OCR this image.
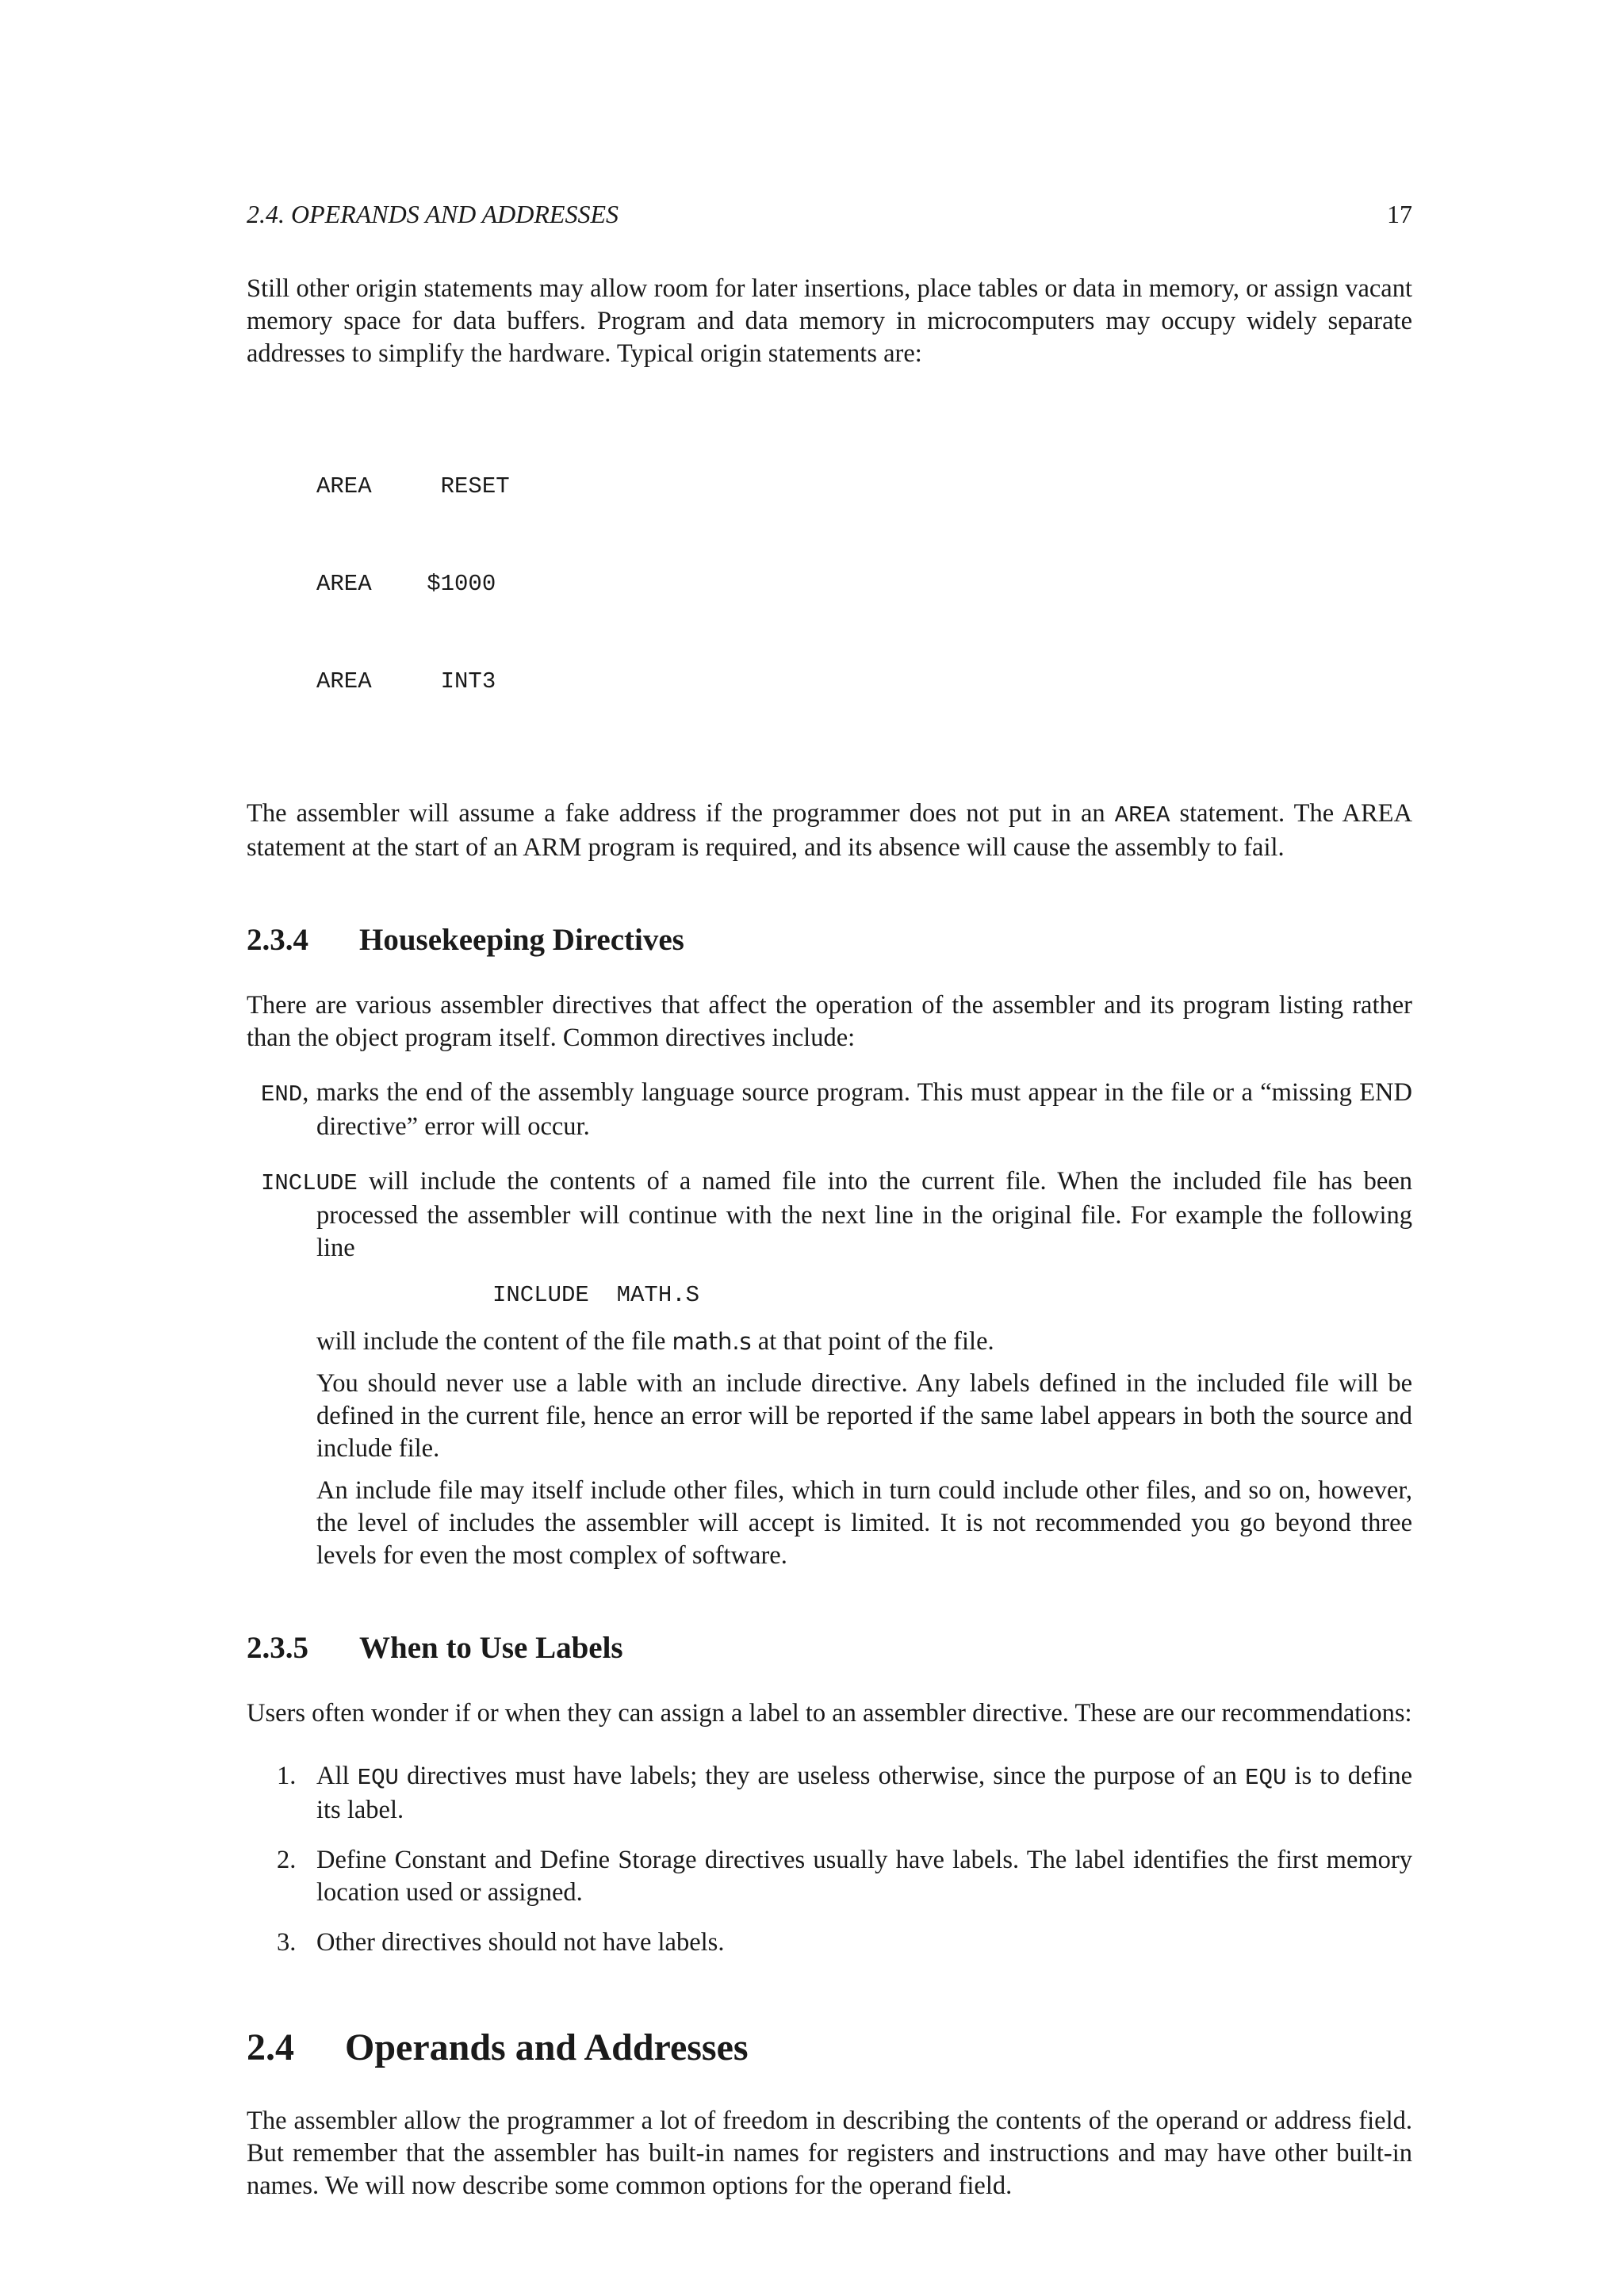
2.4. OPERANDS AND ADDRESSES	17

Still other origin statements may allow room for later insertions, place tables or data in memory, or assign vacant memory space for data buffers. Program and data memory in microcomputers may occupy widely separate addresses to simplify the hardware. Typical origin statements are:

AREA     RESET

AREA    $1000

AREA     INT3

The assembler will assume a fake address if the programmer does not put in an AREA statement. The AREA statement at the start of an ARM program is required, and its absence will cause the assembly to fail.

2.3.4 Housekeeping Directives

There are various assembler directives that affect the operation of the assembler and its program listing rather than the object program itself. Common directives include:

END, marks the end of the assembly language source program. This must appear in the file or a “missing END directive” error will occur.
INCLUDE will include the contents of a named file into the current file. When the included file has been processed the assembler will continue with the next line in the original file. For example the following line
INCLUDE  MATH.S
will include the content of the file math.s at that point of the file.
You should never use a lable with an include directive. Any labels defined in the included file will be defined in the current file, hence an error will be reported if the same label appears in both the source and include file.
An include file may itself include other files, which in turn could include other files, and so on, however, the level of includes the assembler will accept is limited. It is not recommended you go beyond three levels for even the most complex of software.
2.3.5 When to Use Labels

Users often wonder if or when they can assign a label to an assembler directive. These are our recommendations:

1. All EQU directives must have labels; they are useless otherwise, since the purpose of an EQU is to define its label.
2. Define Constant and Define Storage directives usually have labels. The label identifies the first memory location used or assigned.
3. Other directives should not have labels.
2.4 Operands and Addresses

The assembler allow the programmer a lot of freedom in describing the contents of the operand or address field. But remember that the assembler has built-in names for registers and instructions and may have other built-in names. We will now describe some common options for the operand field.
